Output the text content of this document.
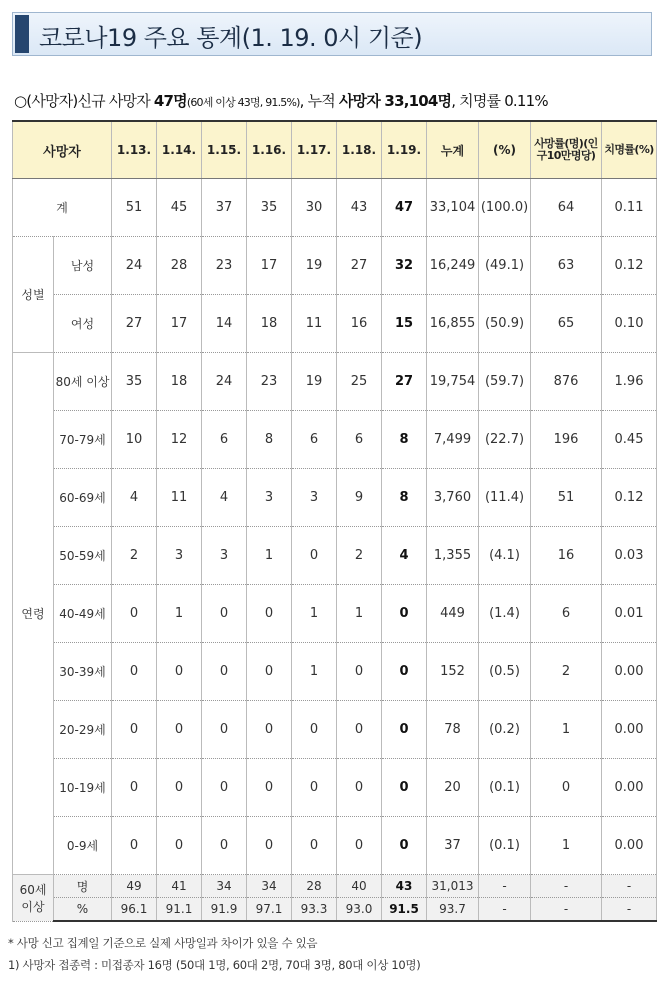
코로나19 주요 통계(1. 19. 0시 기준)
○(사망자)신규 사망자 47명(60세 이상 43명, 91.5%), 누적 사망자 33,104명, 치명률 0.11%
사망자		1.13.	1.14.	1.15.	1.16.	1.17.	1.18.	1.19.	누계	(%)	사망률(명)(인구10만명당)	치명률(%)
계		51	45	37	35	30	43	47	33,104	(100.0)	64	0.11
성별	남성	24	28	23	17	19	27	32	16,249	(49.1)	63	0.12
	여성	27	17	14	18	11	16	15	16,855	(50.9)	65	0.10
연령	80세 이상	35	18	24	23	19	25	27	19,754	(59.7)	876	1.96
	70-79세	10	12	6	8	6	6	8	7,499	(22.7)	196	0.45
	60-69세	4	11	4	3	3	9	8	3,760	(11.4)	51	0.12
	50-59세	2	3	3	1	0	2	4	1,355	(4.1)	16	0.03
	40-49세	0	1	0	0	1	1	0	449	(1.4)	6	0.01
	30-39세	0	0	0	0	1	0	0	152	(0.5)	2	0.00
	20-29세	0	0	0	0	0	0	0	78	(0.2)	1	0.00
	10-19세	0	0	0	0	0	0	0	20	(0.1)	0	0.00
	0-9세	0	0	0	0	0	0	0	37	(0.1)	1	0.00
60세 이상	명	49	41	34	34	28	40	43	31,013	-	-	-
	%	96.1	91.1	91.9	97.1	93.3	93.0	91.5	93.7	-	-	-
* 사망 신고 집계일 기준으로 실제 사망일과 차이가 있을 수 있음
1) 사망자 접종력 : 미접종자 16명 (50대 1명, 60대 2명, 70대 3명, 80대 이상 10명)
